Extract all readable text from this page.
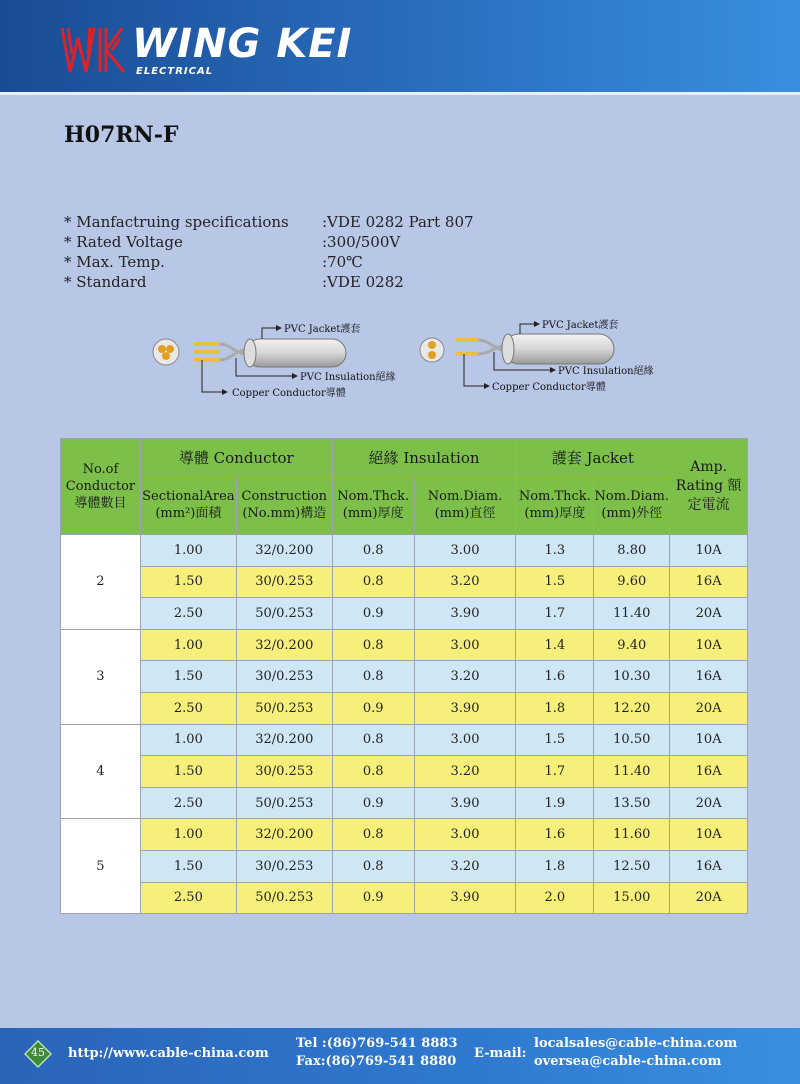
WING KEI
ELECTRICAL
H07RN-F
* Manfactruing specifications	:VDE 0282 Part 807
* Rated Voltage	:300/500V
* Max. Temp.	:70℃
* Standard	:VDE 0282
PVC Jacket護套
PVC Insulation絕緣
Copper Conductor導體
PVC Jacket護套
PVC Insulation絕緣
Copper Conductor導體
No.of Conductor 導體數目	導體 Conductor		絕緣 Insulation		護套 Jacket		Amp. Rating 額定電流
	SectionalArea (mm²)面積	Construction (No.mm)構造	Nom.Thck. (mm)厚度	Nom.Diam. (mm)直徑	Nom.Thck. (mm)厚度	Nom.Diam. (mm)外徑	
2	1.00	32/0.200	0.8	3.00	1.3	8.80	10A
	1.50	30/0.253	0.8	3.20	1.5	9.60	16A
	2.50	50/0.253	0.9	3.90	1.7	11.40	20A
3	1.00	32/0.200	0.8	3.00	1.4	9.40	10A
	1.50	30/0.253	0.8	3.20	1.6	10.30	16A
	2.50	50/0.253	0.9	3.90	1.8	12.20	20A
4	1.00	32/0.200	0.8	3.00	1.5	10.50	10A
	1.50	30/0.253	0.8	3.20	1.7	11.40	16A
	2.50	50/0.253	0.9	3.90	1.9	13.50	20A
5	1.00	32/0.200	0.8	3.00	1.6	11.60	10A
	1.50	30/0.253	0.8	3.20	1.8	12.50	16A
	2.50	50/0.253	0.9	3.90	2.0	15.00	20A
45	http://www.cable-china.com
Tel :(86)769-541 8883
Fax:(86)769-541 8880
E-mail:
localsales@cable-china.com
oversea@cable-china.com
